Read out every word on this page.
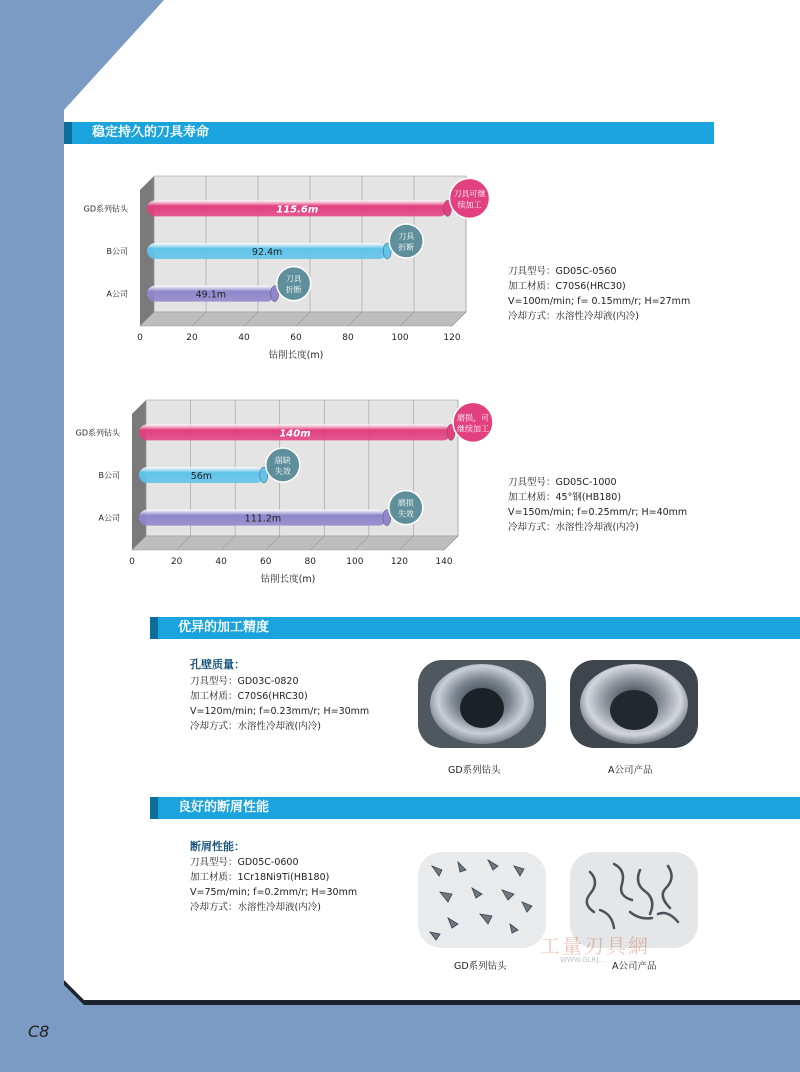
稳定持久的刀具寿命
0	20	40	60	80	100	120
钻削长度(m)
GD系列钻头	115.6m
刀具可继
续加工
B公司	92.4m
刀具
折断
A公司	49.1m
刀具
折断
刀具型号：GD05C-0560
加工材质：C70S6(HRC30)
V=100m/min; f= 0.15mm/r; H=27mm
冷却方式：水溶性冷却液(内冷)
0	20	40	60	80	100	120	140
钻削长度(m)
GD系列钻头	140m
磨损，可
继续加工
B公司	56m
崩缺
失效
A公司	111.2m
磨损
失效
刀具型号：GD05C-1000
加工材质：45°钢(HB180)
V=150m/min; f=0.25mm/r; H=40mm
冷却方式：水溶性冷却液(内冷)
优异的加工精度
孔壁质量：
刀具型号：GD03C-0820
加工材质：C70S6(HRC30)
V=120m/min; f=0.23mm/r; H=30mm
冷却方式：水溶性冷却液(内冷)
GD系列钻头	A公司产品
良好的断屑性能
断屑性能：
刀具型号：GD05C-0600
加工材质：1Cr18Ni9Ti(HB180)
V=75m/min; f=0.2mm/r; H=30mm
冷却方式：水溶性冷却液(内冷)
GD系列钻头	A公司产品
工量刃具網
WWW.GLRJ...
C8
